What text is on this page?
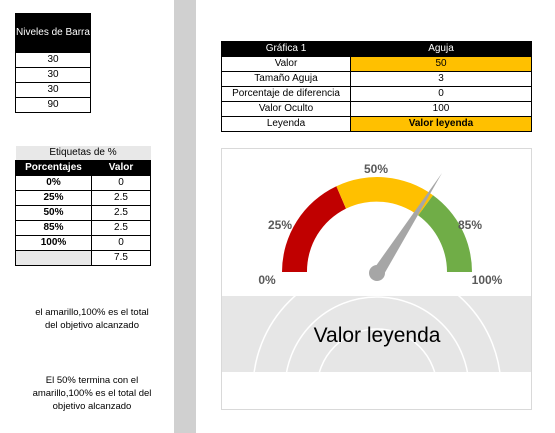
Niveles de Barra
30
30
30
90
Etiquetas de %	
Porcentajes	Valor
0%	0
25%	2.5
50%	2.5
85%	2.5
100%	0
	7.5
el amarillo,100% es el total
del objetivo alcanzado
El 50% termina con el
amarillo,100% es el total del
objetivo alcanzado
Gráfica 1	Aguja
Valor	50
Tamaño Aguja	3
Porcentaje de diferencia	0
Valor Oculto	100
Leyenda	Valor leyenda
0%
25%
50%
85%
100%
Valor leyenda
